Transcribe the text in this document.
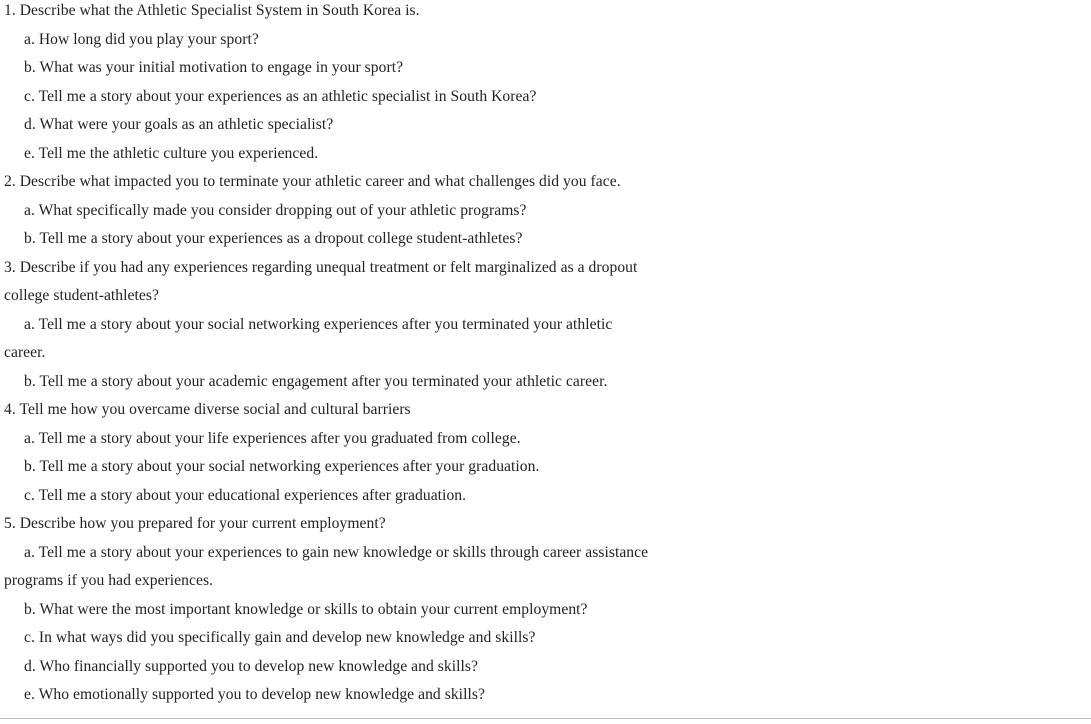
1. Describe what the Athletic Specialist System in South Korea is.
a. How long did you play your sport?
b. What was your initial motivation to engage in your sport?
c. Tell me a story about your experiences as an athletic specialist in South Korea?
d. What were your goals as an athletic specialist?
e. Tell me the athletic culture you experienced.
2. Describe what impacted you to terminate your athletic career and what challenges did you face.
a. What specifically made you consider dropping out of your athletic programs?
b. Tell me a story about your experiences as a dropout college student-athletes?
3. Describe if you had any experiences regarding unequal treatment or felt marginalized as a dropout
college student-athletes?
a. Tell me a story about your social networking experiences after you terminated your athletic
career.
b. Tell me a story about your academic engagement after you terminated your athletic career.
4. Tell me how you overcame diverse social and cultural barriers
a. Tell me a story about your life experiences after you graduated from college.
b. Tell me a story about your social networking experiences after your graduation.
c. Tell me a story about your educational experiences after graduation.
5. Describe how you prepared for your current employment?
a. Tell me a story about your experiences to gain new knowledge or skills through career assistance
programs if you had experiences.
b. What were the most important knowledge or skills to obtain your current employment?
c. In what ways did you specifically gain and develop new knowledge and skills?
d. Who financially supported you to develop new knowledge and skills?
e. Who emotionally supported you to develop new knowledge and skills?
